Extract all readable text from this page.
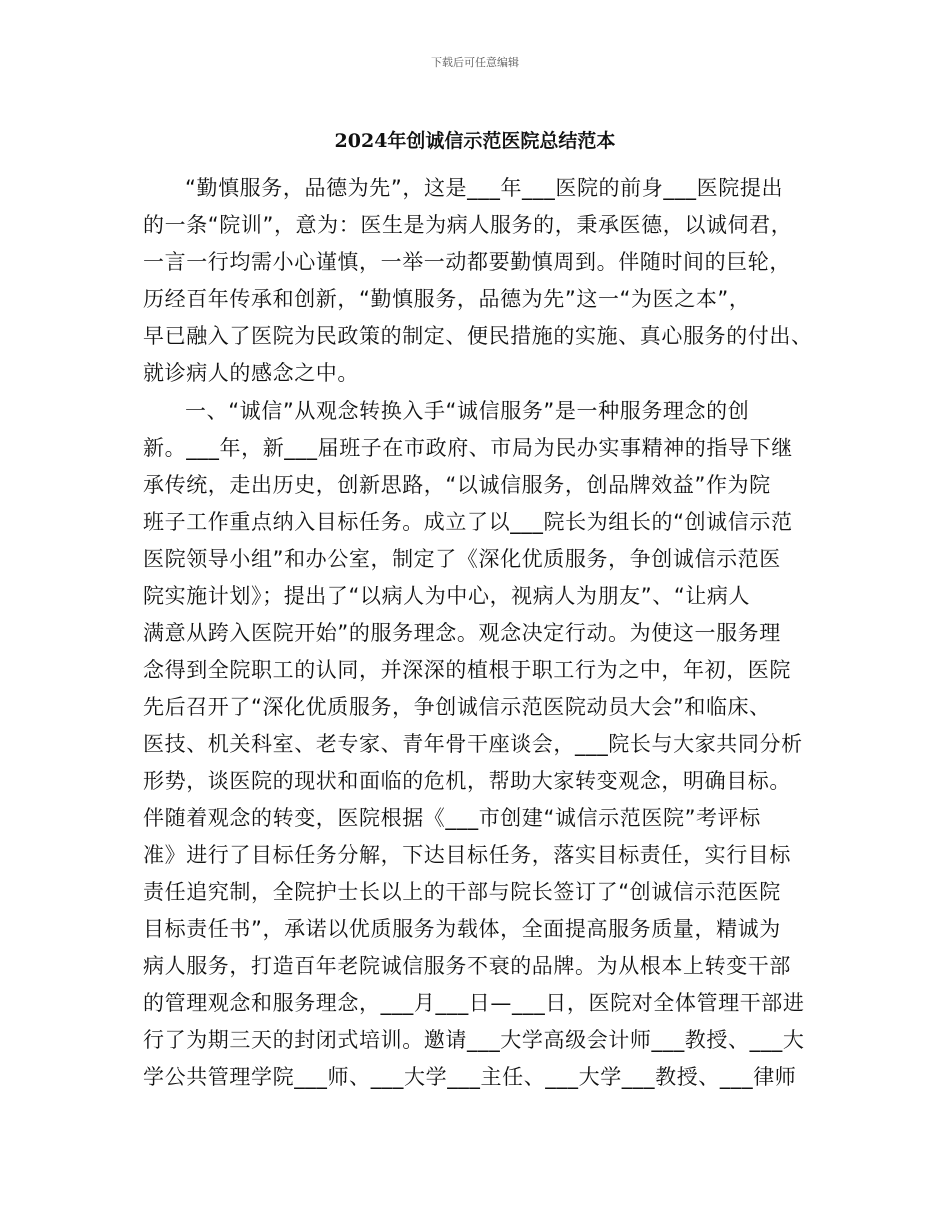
下载后可任意编辑
2024年创诚信示范医院总结范本
“勤慎服务，品德为先”，这是___年___医院的前身___医院提出
的一条“院训”，意为：医生是为病人服务的，秉承医德，以诚伺君，
一言一行均需小心谨慎，一举一动都要勤慎周到。伴随时间的巨轮，
历经百年传承和创新，“勤慎服务，品德为先”这一“为医之本”，
早已融入了医院为民政策的制定、便民措施的实施、真心服务的付出、
就诊病人的感念之中。
一、“诚信”从观念转换入手“诚信服务”是一种服务理念的创
新。___年，新___届班子在市政府、市局为民办实事精神的指导下继
承传统，走出历史，创新思路，“以诚信服务，创品牌效益”作为院
班子工作重点纳入目标任务。成立了以___院长为组长的“创诚信示范
医院领导小组”和办公室，制定了《深化优质服务，争创诚信示范医
院实施计划》；提出了“以病人为中心，视病人为朋友”、“让病人
满意从跨入医院开始”的服务理念。观念决定行动。为使这一服务理
念得到全院职工的认同，并深深的植根于职工行为之中，年初，医院
先后召开了“深化优质服务，争创诚信示范医院动员大会”和临床、
医技、机关科室、老专家、青年骨干座谈会，___院长与大家共同分析
形势，谈医院的现状和面临的危机，帮助大家转变观念，明确目标。
伴随着观念的转变，医院根据《___市创建“诚信示范医院”考评标
准》进行了目标任务分解，下达目标任务，落实目标责任，实行目标
责任追究制，全院护士长以上的干部与院长签订了“创诚信示范医院
目标责任书”，承诺以优质服务为载体，全面提高服务质量，精诚为
病人服务，打造百年老院诚信服务不衰的品牌。为从根本上转变干部
的管理观念和服务理念，___月___日—___日，医院对全体管理干部进
行了为期三天的封闭式培训。邀请___大学高级会计师___教授、___大
学公共管理学院___师、___大学___主任、___大学___教授、___律师
